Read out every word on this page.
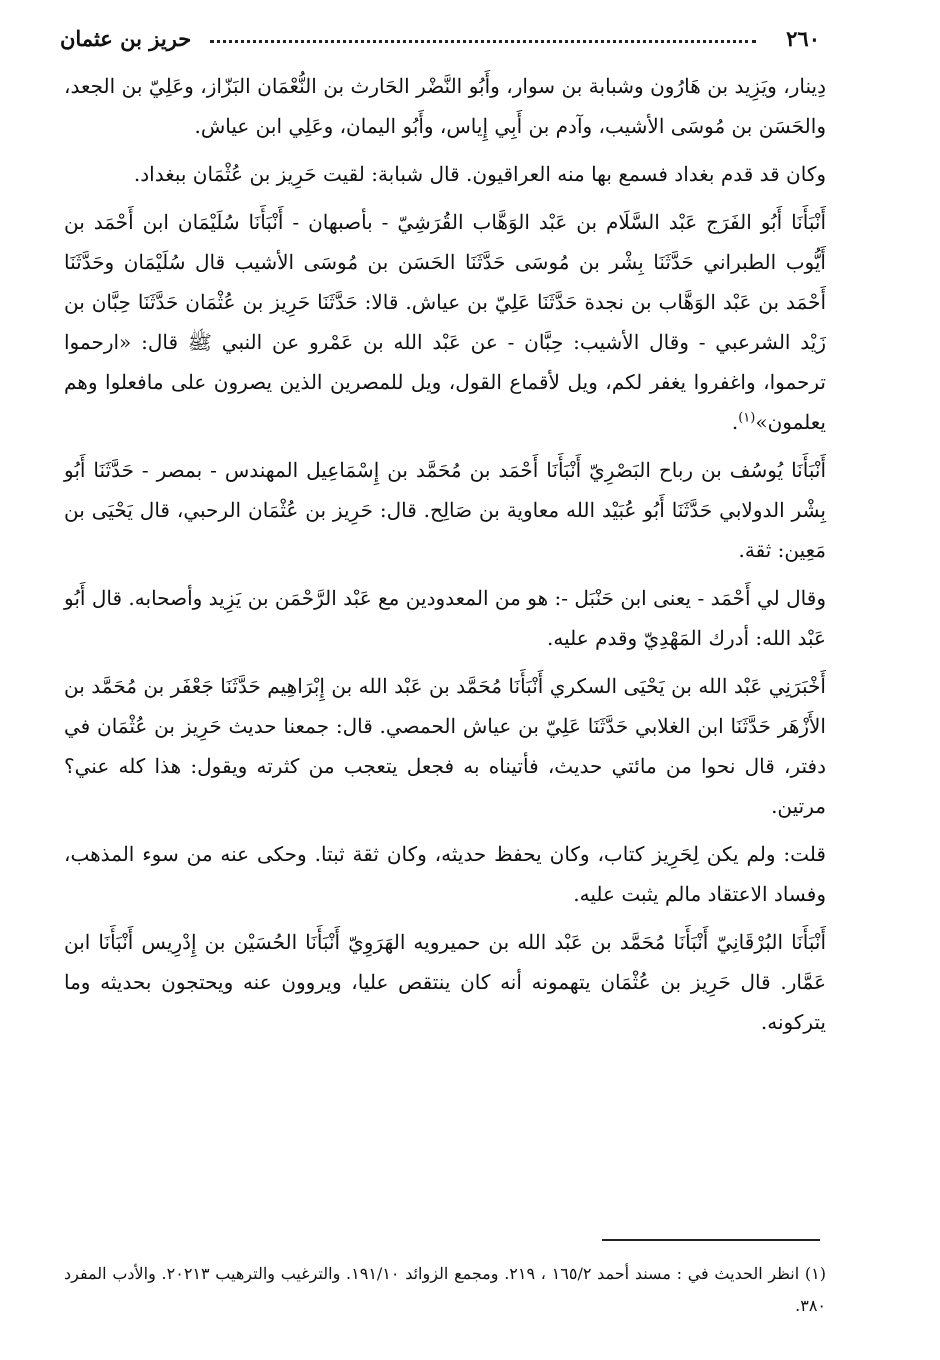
٢٦٠
حريز بن عثمان

دِينار، ويَزِيد بن هَارُون وشبابة بن سوار، وأَبُو النَّضْر الحَارث بن النُّعْمَان البَزّاز، وعَلِيّ بن الجعد، والحَسَن بن مُوسَى الأشيب، وآدم بن أَبِي إِياس، وأَبُو اليمان، وعَلِي ابن عياش.

وكان قد قدم بغداد فسمع بها منه العراقيون. قال شبابة: لقيت حَرِيز بن عُثْمَان ببغداد.

أَنْبَأَنَا أَبُو الفَرَج عَبْد السَّلَام بن عَبْد الوَهَّاب القُرَشِيّ - بأصبهان - أَنْبَأَنَا سُلَيْمَان ابن أَحْمَد بن أَيُّوب الطبراني حَدَّثَنَا بِشْر بن مُوسَى حَدَّثَنَا الحَسَن بن مُوسَى الأشيب قال سُلَيْمَان وحَدَّثَنَا أَحْمَد بن عَبْد الوَهَّاب بن نجدة حَدَّثَنَا عَلِيّ بن عياش. قالا: حَدَّثَنَا حَرِيز بن عُثْمَان حَدَّثَنَا حِبَّان بن زَيْد الشرعبي - وقال الأشيب: حِبَّان - عن عَبْد الله بن عَمْرو عن النبي ﷺ قال: «ارحموا ترحموا، واغفروا يغفر لكم، ويل لأقماع القول، ويل للمصرين الذين يصرون على مافعلوا وهم يعلمون»$^{(١)}$.

أَنْبَأَنَا يُوسُف بن رباح البَصْرِيّ أَنْبَأَنَا أَحْمَد بن مُحَمَّد بن إِسْمَاعِيل المهندس - بمصر - حَدَّثَنَا أَبُو بِشْر الدولابي حَدَّثَنَا أَبُو عُبَيْد الله معاوية بن صَالِح. قال: حَرِيز بن عُثْمَان الرحبي، قال يَحْيَى بن مَعِين: ثقة.

وقال لي أَحْمَد - يعنى ابن حَنْبَل -: هو من المعدودين مع عَبْد الرَّحْمَن بن يَزِيد وأصحابه. قال أَبُو عَبْد الله: أدرك المَهْدِيّ وقدم عليه.

أَخْبَرَنِي عَبْد الله بن يَحْيَى السكري أَنْبَأَنَا مُحَمَّد بن عَبْد الله بن إِبْرَاهِيم حَدَّثَنَا جَعْفَر بن مُحَمَّد بن الأَزْهَر حَدَّثَنَا ابن الغلابي حَدَّثَنَا عَلِيّ بن عياش الحمصي. قال: جمعنا حديث حَرِيز بن عُثْمَان في دفتر، قال نحوا من مائتي حديث، فأتيناه به فجعل يتعجب من كثرته ويقول: هذا كله عني؟ مرتين.

قلت: ولم يكن لِحَرِيز كتاب، وكان يحفظ حديثه، وكان ثقة ثبتا. وحكى عنه من سوء المذهب، وفساد الاعتقاد مالم يثبت عليه.

أَنْبَأَنَا البُرْقَانِيّ أَنْبَأَنَا مُحَمَّد بن عَبْد الله بن حميرويه الهَرَوِيّ أَنْبَأَنَا الحُسَيْن بن إِدْرِيس أَنْبَأَنَا ابن عَمَّار. قال حَرِيز بن عُثْمَان يتهمونه أنه كان ينتقص عليا، ويروون عنه ويحتجون بحديثه وما يتركونه.

(١) انظر الحديث في : مسند أحمد ١٦٥/٢ ، ٢١٩. ومجمع الزوائد ١٩١/١٠. والترغيب والترهيب ٢٠٢١٣. والأدب المفرد ٣٨٠.
